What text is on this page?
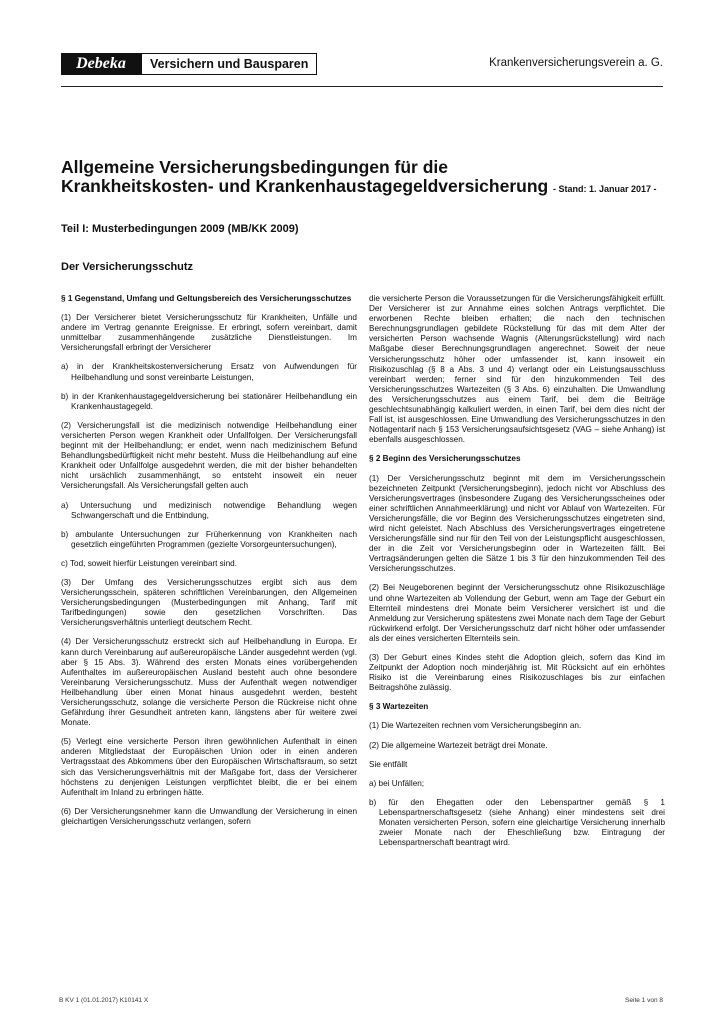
Debeka	Versichern und Bausparen	Krankenversicherungsverein a. G.
Allgemeine Versicherungsbedingungen für die
Krankheitskosten- und Krankenhaustagegeldversicherung - Stand: 1. Januar 2017 -
Teil I: Musterbedingungen 2009 (MB/KK 2009)
Der Versicherungsschutz

§ 1 Gegenstand, Umfang und Geltungsbereich des Versicherungsschutzes

(1) Der Versicherer bietet Versicherungsschutz für Krankheiten, Unfälle und andere im Vertrag genannte Ereignisse. Er erbringt, sofern vereinbart, damit unmittelbar zusammenhängende zusätzliche Dienstleistungen. Im Versicherungsfall erbringt der Versicherer

a) in der Krankheitskostenversicherung Ersatz von Aufwendungen für Heilbehandlung und sonst vereinbarte Leistungen,

b) in der Krankenhaustagegeldversicherung bei stationärer Heilbehandlung ein Krankenhaustagegeld.

(2) Versicherungsfall ist die medizinisch notwendige Heilbehandlung einer versicherten Person wegen Krankheit oder Unfallfolgen. Der Versicherungsfall beginnt mit der Heilbehandlung; er endet, wenn nach medizinischem Befund Behandlungsbedürftigkeit nicht mehr besteht. Muss die Heilbehandlung auf eine Krankheit oder Unfallfolge ausgedehnt werden, die mit der bisher behandelten nicht ursächlich zusammenhängt, so entsteht insoweit ein neuer Versicherungsfall. Als Versicherungsfall gelten auch

a) Untersuchung und medizinisch notwendige Behandlung wegen Schwangerschaft und die Entbindung,

b) ambulante Untersuchungen zur Früherkennung von Krankheiten nach gesetzlich eingeführten Programmen (gezielte Vorsorgeuntersuchungen),

c) Tod, soweit hierfür Leistungen vereinbart sind.

(3) Der Umfang des Versicherungsschutzes ergibt sich aus dem Versicherungsschein, späteren schriftlichen Vereinbarungen, den Allgemeinen Versicherungsbedingungen (Musterbedingungen mit Anhang, Tarif mit Tarifbedingungen) sowie den gesetzlichen Vorschriften. Das Versicherungsverhältnis unterliegt deutschem Recht.

(4) Der Versicherungsschutz erstreckt sich auf Heilbehandlung in Europa. Er kann durch Vereinbarung auf außereuropäische Länder ausgedehnt werden (vgl. aber § 15 Abs. 3). Während des ersten Monats eines vorübergehenden Aufenthaltes im außereuropäischen Ausland besteht auch ohne besondere Vereinbarung Versicherungsschutz. Muss der Aufenthalt wegen notwendiger Heilbehandlung über einen Monat hinaus ausgedehnt werden, besteht Versicherungsschutz, solange die versicherte Person die Rückreise nicht ohne Gefährdung ihrer Gesundheit antreten kann, längstens aber für weitere zwei Monate.

(5) Verlegt eine versicherte Person ihren gewöhnlichen Aufenthalt in einen anderen Mitgliedstaat der Europäischen Union oder in einen anderen Vertragsstaat des Abkommens über den Europäischen Wirtschaftsraum, so setzt sich das Versicherungsverhältnis mit der Maßgabe fort, dass der Versicherer höchstens zu denjenigen Leistungen verpflichtet bleibt, die er bei einem Aufenthalt im Inland zu erbringen hätte.

(6) Der Versicherungsnehmer kann die Umwandlung der Versicherung in einen gleichartigen Versicherungsschutz verlangen, sofern

die versicherte Person die Voraussetzungen für die Versicherungsfähigkeit erfüllt. Der Versicherer ist zur Annahme eines solchen Antrags verpflichtet. Die erworbenen Rechte bleiben erhalten; die nach den technischen Berechnungsgrundlagen gebildete Rückstellung für das mit dem Alter der versicherten Person wachsende Wagnis (Alterungsrückstellung) wird nach Maßgabe dieser Berechnungsgrundlagen angerechnet. Soweit der neue Versicherungsschutz höher oder umfassender ist, kann insoweit ein Risikozuschlag (§ 8 a Abs. 3 und 4) verlangt oder ein Leistungsausschluss vereinbart werden; ferner sind für den hinzukommenden Teil des Versicherungsschutzes Wartezeiten (§ 3 Abs. 6) einzuhalten. Die Umwandlung des Versicherungsschutzes aus einem Tarif, bei dem die Beiträge geschlechtsunabhängig kalkuliert werden, in einen Tarif, bei dem dies nicht der Fall ist, ist ausgeschlossen. Eine Umwandlung des Versicherungsschutzes in den Notlagentarif nach § 153 Versicherungsaufsichtsgesetz (VAG – siehe Anhang) ist ebenfalls ausgeschlossen.

§ 2 Beginn des Versicherungsschutzes

(1) Der Versicherungsschutz beginnt mit dem im Versicherungsschein bezeichneten Zeitpunkt (Versicherungsbeginn), jedoch nicht vor Abschluss des Versicherungsvertrages (insbesondere Zugang des Versicherungsscheines oder einer schriftlichen Annahmeerklärung) und nicht vor Ablauf von Wartezeiten. Für Versicherungsfälle, die vor Beginn des Versicherungsschutzes eingetreten sind, wird nicht geleistet. Nach Abschluss des Versicherungsvertrages eingetretene Versicherungsfälle sind nur für den Teil von der Leistungspflicht ausgeschlossen, der in die Zeit vor Versicherungsbeginn oder in Wartezeiten fällt. Bei Vertragsänderungen gelten die Sätze 1 bis 3 für den hinzukommenden Teil des Versicherungsschutzes.

(2) Bei Neugeborenen beginnt der Versicherungsschutz ohne Risikozuschläge und ohne Wartezeiten ab Vollendung der Geburt, wenn am Tage der Geburt ein Elternteil mindestens drei Monate beim Versicherer versichert ist und die Anmeldung zur Versicherung spätestens zwei Monate nach dem Tage der Geburt rückwirkend erfolgt. Der Versicherungsschutz darf nicht höher oder umfassender als der eines versicherten Elternteils sein.

(3) Der Geburt eines Kindes steht die Adoption gleich, sofern das Kind im Zeitpunkt der Adoption noch minderjährig ist. Mit Rücksicht auf ein erhöhtes Risiko ist die Vereinbarung eines Risikozuschlages bis zur einfachen Beitragshöhe zulässig.

§ 3 Wartezeiten

(1) Die Wartezeiten rechnen vom Versicherungsbeginn an.

(2) Die allgemeine Wartezeit beträgt drei Monate.

Sie entfällt

a) bei Unfällen;

b) für den Ehegatten oder den Lebenspartner gemäß § 1 Lebenspartnerschaftsgesetz (siehe Anhang) einer mindestens seit drei Monaten versicherten Person, sofern eine gleichartige Versicherung innerhalb zweier Monate nach der Eheschließung bzw. Eintragung der Lebenspartnerschaft beantragt wird.

B KV 1 (01.01.2017) K10141 X	Seite 1 von 8
